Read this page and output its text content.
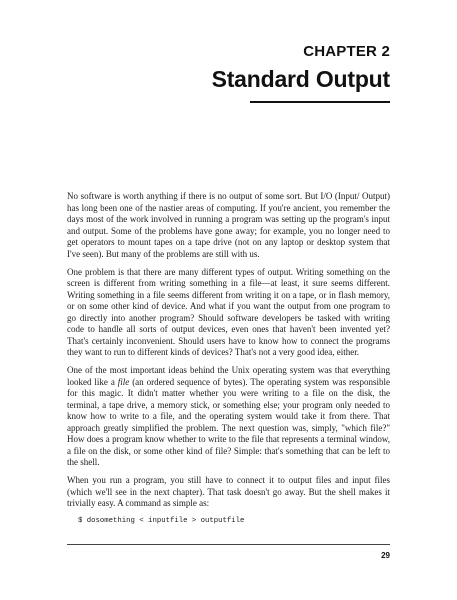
CHAPTER 2
Standard Output

No software is worth anything if there is no output of some sort. But I/O (Input/ Output) has long been one of the nastier areas of computing. If you're ancient, you remember the days most of the work involved in running a program was setting up the program's input and output. Some of the problems have gone away; for example, you no longer need to get operators to mount tapes on a tape drive (not on any laptop or desktop system that I've seen). But many of the problems are still with us.

One problem is that there are many different types of output. Writing something on the screen is different from writing something in a file—at least, it sure seems different. Writing something in a file seems different from writing it on a tape, or in flash memory, or on some other kind of device. And what if you want the output from one program to go directly into another program? Should software developers be tasked with writing code to handle all sorts of output devices, even ones that haven't been invented yet? That's certainly inconvenient. Should users have to know how to connect the programs they want to run to different kinds of devices? That's not a very good idea, either.

One of the most important ideas behind the Unix operating system was that everything looked like a file (an ordered sequence of bytes). The operating system was responsible for this magic. It didn't matter whether you were writing to a file on the disk, the terminal, a tape drive, a memory stick, or something else; your program only needed to know how to write to a file, and the operating system would take it from there. That approach greatly simplified the problem. The next question was, simply, "which file?" How does a program know whether to write to the file that represents a terminal window, a file on the disk, or some other kind of file? Simple: that's something that can be left to the shell.

When you run a program, you still have to connect it to output files and input files (which we'll see in the next chapter). That task doesn't go away. But the shell makes it trivially easy. A command as simple as:

$ dosomething < inputfile > outputfile
29
